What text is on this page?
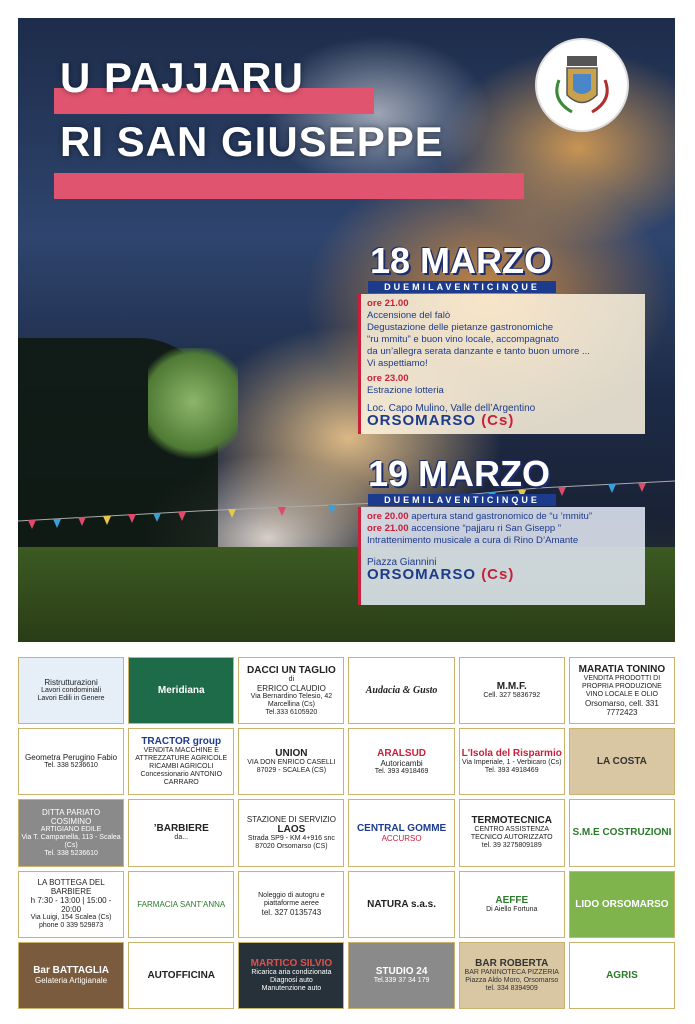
U PAJJARU
RI SAN GIUSEPPE
18 MARZO
DUEMILAVENTICINQUE
ore 21.00
Accensione del falò
Degustazione delle pietanze gastronomiche
“ru mmitu” e buon vino locale, accompagnato
da un’allegra serata danzante e tanto buon umore ...
Vi aspettiamo!
ore 23.00
Estrazione lotteria
Loc. Capo Mulino, Valle dell’Argentino
ORSOMARSO (Cs)
19 MARZO
DUEMILAVENTICINQUE
ore 20.00 apertura stand gastronomico de “u ’mmitu”
ore 21.00 accensione “pajjaru ri San Gisepp ”
Intrattenimento musicale a cura di Rino D’Amante
Piazza Giannini
ORSOMARSO (Cs)
Ristrutturazioni
Lavori condominiali
Lavori Edili in Genere
Meridiana
DACCI UN TAGLIO
di
ERRICO CLAUDIO
Via Bernardino Telesio, 42
Marcellina (Cs)
Tel.333 6105920
Audacia & Gusto	M.M.F.
Cell. 327 5836792
MARATIA TONINO
VENDITA PRODOTTI DI PROPRIA PRODUZIONE
VINO LOCALE E OLIO
Orsomarso, cell. 331 7772423
Geometra Perugino Fabio
Tel. 338 5236610
TRACTOR group
VENDITA MACCHINE E ATTREZZATURE AGRICOLE
RICAMBI AGRICOLI
Concessionario ANTONIO CARRARO
UNION
VIA DON ENRICO CASELLI 87029 - SCALEA (CS)
ARALSUD
Autoricambi
Tel. 393 4918469
L'Isola del Risparmio
Via Imperiale, 1 - Verbicaro (Cs)
Tel. 393 4918469
LA COSTA
DITTA PARIATO COSIMINO
ARTIGIANO EDILE
Via T. Campanella, 113 - Scalea (Cs)
Tel. 338 5236610
’BARBIERE
da...
STAZIONE DI SERVIZIO
LAOS
Strada SP9 - KM 4+916 snc
87020 Orsomarso (CS)
CENTRAL GOMME
ACCURSO
TERMOTECNICA
CENTRO ASSISTENZA TECNICO AUTORIZZATO
tel. 39 3275809189
S.M.E COSTRUZIONI
LA BOTTEGA DEL BARBIERE
h 7:30 - 13:00 | 15:00 - 20:00
Via Luigi, 154 Scalea (Cs)
phone 0 339 529873
FARMACIA SANT’ANNA
Noleggio di autogru e piattaforme aeree
tel. 327 0135743
NATURA s.a.s.	AEFFE
Di Aiello Fortuna	LIDO ORSOMARSO
Bar BATTAGLIA
Gelateria Artigianale	AUTOFFICINA
MARTICO SILVIO
Ricarica aria condizionata
Diagnosi auto
Manutenzione auto
STUDIO 24
Tel.339 37 34 179
BAR ROBERTA
BAR PANINOTECA PIZZERIA
Piazza Aldo Moro, Orsomarso
tel. 334 8394909
AGRIS
